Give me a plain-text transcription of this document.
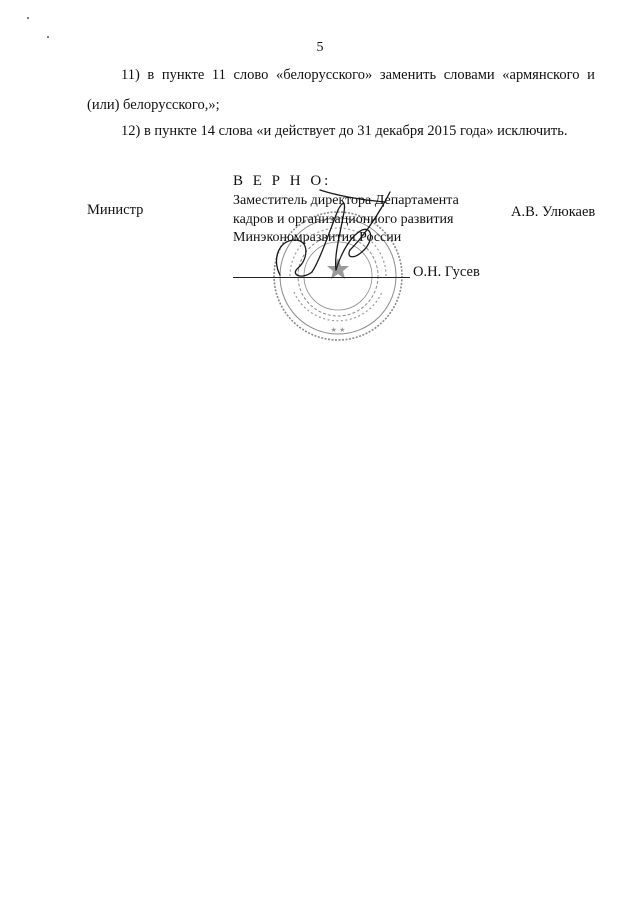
5
11) в пункте 11 слово «белорусского» заменить словами «армянского и
(или) белорусского,»;
12) в пункте 14 слова «и действует до 31 декабря 2015 года» исключить.
Министр	А.В. Улюкаев
★ ★
В Е Р Н О:
Заместитель директора Департамента
кадров и организационного развития
Минэкономразвития России
О.Н. Гусев
